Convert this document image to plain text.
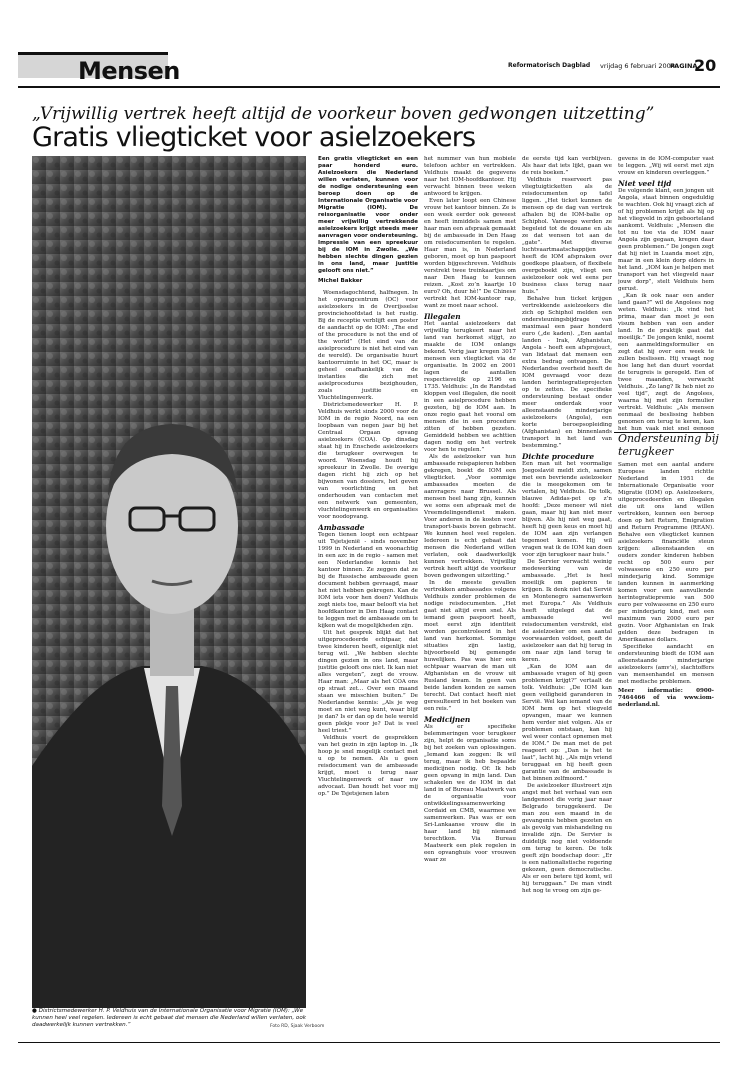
Mensen	Reformatorisch Dagblad vrijdag 6 februari 2004
PAGINA
20
„Vrijwillig vertrek heeft altijd de voorkeur boven gedwongen uitzetting”
Gratis vliegticket voor asielzoekers
● Districtsmedewerker H. P. Veldhuis van de Internationale Organisatie voor Migratie (IOM): „We kunnen heel veel regelen. Iedereen is echt gebaat dat mensen die Nederland willen verlaten, ook daadwerkelijk kunnen vertrekken.”	Foto RD, Sjaak Verboom

Een gratis vliegticket en een paar honderd euro. Asielzoekers die Nederland willen verlaten, kunnen voor de nodige ondersteuning een beroep doen op de Internationale Organisatie voor Migratie (IOM). De reisorganisatie voor onder meer vrijwillig vertrekkende asielzoekers krijgt steeds meer aanvragen voor ondersteuning. Impressie van een spreekuur bij de IOM in Zwolle. „We hebben slechte dingen gezien in ons land, maar justitie gelooft ons niet.”

Michel Bakker

Woensdagochtend, halfnegen. In het opvangcentrum (OC) voor asielzoekers in de Overijsselse provinciehoofdstad is het rustig. Bij de receptie verblijft een poster de aandacht op de IOM: „The end of the procedure is not the end of the world” (Het eind van de asielprocedure is niet het eind van de wereld). De organisatie huurt kantoorruimte in het OC, maar is geheel onafhankelijk van de instanties die zich met asielprocedures bezighouden, zoals justitie en Vluchtelingenwerk.

Districtsmedewerker H. P. Veldhuis werkt sinds 2000 voor de IOM in de regio Noord, na een loopbaan van negen jaar bij het Centraal Orgaan opvang asielzoekers (COA). Op dinsdag staat hij in Enschede asielzoekers die terugkeer overwegen te woord. Woensdag houdt hij spreekuur in Zwolle. De overige dagen richt hij zich op het bijwonen van dossiers, het geven van voorlichting en het onderhouden van contacten met een netwerk van gemeenten, vluchtelingenwerk en organisaties voor noodopvang.

Ambassade

Tegen tienen loopt een echtpaar uit Tsjetsjenië - sinds november 1999 in Nederland en woonachtig in een azc in de regio - samen met een Nederlandse kennis het kantoor binnen. Ze zeggen dat ze bij de Russische ambassade geen document hebben gevraagd, maar het niet hebben gekregen. Kan de IOM iets voor hen doen? Veldhuis zegt niets toe, maar belooft via het hoofdkantoor in Den Haag contact te leggen met de ambassade om te kijken wat de mogelijkheden zijn.

Uit het gesprek blijkt dat het uitgeprocedeerde echtpaar, dat twee kinderen heeft, eigenlijk niet terug wil. „We hebben slechte dingen gezien in ons land, maar justitie gelooft ons niet. Ik kan niet alles vergeten”, zegt de vrouw. Haar man: „Maar als het COA ons op straat zet... Over een maand staan we misschien buiten.” De Nederlandse kennis: „Als je weg moet en niet weg kunt, waar blijf je dan? Is er dan op de hele wereld geen plekje voor je? Dat is veel heel triest.”

Veldhuis voert de gesprekken van het gezin in zijn laptop in. „Ik hoop je snel mogelijk contact met u op te nemen. Als u geen reisdocument van de ambassade krijgt, moet u terug naar Vluchtelingenwerk of naar uw advocaat. Dan houdt het voor mij op.” De Tsjetsjenen laten

het nummer van hun mobiele telefoon achter en vertrekken. Veldhuis maakt de gegevens naar het IOM-hoofdkantoor. Hij verwacht binnen twee weken antwoord te krijgen.

Even later loopt een Chinese vrouw het kantoor binnen. Ze is een week eerder ook geweest en heeft inmiddels samen met haar man een afspraak gemaakt bij de ambassade in Den Haag om reisdocumenten te regelen. Haar man is, in Nederland geboren, moet op hun paspoort worden bijgeschreven. Veldhuis verstrekt twee treinkaartjes om naar Den Haag te kunnen reizen. „Kost zo’n kaartje 10 euro? Oh, duur hè!” De Chinese vertrekt het IOM-kantoor rap, want ze moet naar school.

Illegalen

Het aantal asielzoekers dat vrijwillig terugkeert naar het land van herkomst stijgt, zo maakte de IOM onlangs bekend. Vorig jaar kregen 3017 mensen een vliegticket via de organisatie. In 2002 en 2001 lagen de aantallen respectievelijk op 2196 en 1735. Veldhuis: „In de Randstad kloppen veel illegalen, die nooit in een asielprocedure hebben gezeten, bij de IOM aan. In onze regio gaat het vooral om mensen die in een procedure zitten of hebben gezeten. Gemiddeld hebben we achttien dagen nodig om het vertrek voor hen te regelen.”

Als de asielzoeker van hun ambassade reispapieren hebben gekregen, boekt de IOM een vliegticket. „Voor sommige ambassades moeten de aanvragers naar Brussel. Als mensen heel hang zijn, kunnen we soms een afspraak met de Vreemdelingendienst maken. Voor anderen in de kosten voor transport-basis boven gebracht. We kunnen heel veel regelen. Iedereen is echt gebaat dat mensen die Nederland willen verlaten, ook daadwerkelijk kunnen vertrekken. Vrijwillig vertrek heeft altijd de voorkeur boven gedwongen uitzetting.”

In de meeste gevallen vertrekken ambassades volgens Veldhuis zonder problemen de nodige reisdocumenten. „Het gaat niet altijd even snel. Als iemand geen paspoort heeft, moet eerst zijn identiteit worden gecontroleerd in het land van herkomst. Sommige situaties zijn lastig, bijvoorbeeld bij gemengde huwelijken. Pas was hier een echtpaar waarvan de man uit Afghanistan en de vrouw uit Rusland kwam. In geen van beide landen konden ze samen terecht. Dat contact heeft niet geresulteerd in het boeken van een reis.”

Medicijnen

Als er specifieke belemmeringen voor terugkeer zijn, helpt de organisatie soms bij het zoeken van oplossingen. „Iemand kan zeggen: Ik wil terug, maar ik heb bepaalde medicijnen nodig. Of: Ik heb geen opvang in mijn land. Dan schakelen we de IOM in dat land in of Bureau Maatwerk van de organisatie voor ontwikkelingssamenwerking Cordaid en CMB, waarmee we samenwerken. Pas was er een Sri-Lankaanse vrouw die in haar land bij niemand terechtkon. Via Bureau Maatwerk een plek regelen in een opvanghuis voor vrouwen waar ze

de eerste tijd kan verblijven. Als haar dat iets lijkt, gaan we de reis boeken.”

Veldhuis reserveert pas vliegtuigticketten als de reisdocumenten op tafel liggen. „Het ticket kunnen de mensen op de dag van vertrek afhalen bij de IOM-balie op Schiphol. Vanwege werden ze begeleid tot de douane en als ze dat wensen tot aan de „gate”. Met diverse luchtvaartmaatschappijen heeft de IOM afspraken over goedkope plaatsen, of flexibele overgeboekt zijn, vliegt een asielzoeker ook wel eens per business class terug naar huis.”

Behalve hun ticket krijgen vertrekkende asielzoekers die zich op Schiphol melden een ondersteuningsbijdrage van maximaal een paar honderd euro („de kaden). „Een aantal landen - Irak, Afghanistan, Angola - heeft een afsprojouct, van lidstaat dat mensen een extra bedrag ontvangen. De Nederlandse overheid heeft de IOM gevraagd voor deze landen herintegratieprojecten op te zetten. De specifieke ondersteuning bestaat onder meer onderdak voor alleenstaande minderjarige asielzoekers (Angola), een korte beroepsopleiding (Afghanistan) en binnenlands transport in het land van bestemming.”

Dichte procedure

Een man uit het voormalige Joegoslavië meldt zich, samen met een bevriende asielzoeker die is meegekomen om te vertalen, bij Veldhuis. De tolk, blauwe Adidas-pet op z’n hoofd: „Deze meneer wil niet gaan, maar hij kan niet meer blijven. Als hij niet weg gaat, heeft hij geen keus en moet hij de IOM aan zijn verlangen tegemoet komen. Hij wil vragen wat ik de IOM kan doen voor zijn terugkeer naar huis.”

De Servier verwacht weinig medewerking van de ambassade. „Het is heel moeilijk om papieren te krijgen. Ik denk niet dat Servië en Montenegro samenwerken met Europa.” Als Veldhuis heeft uitgelegd dat de ambassade wel reisdocumenten verstrekt, eist de asielzoeker om een aantal voorwaarden voldoet, geeft de asielzoeker aan dat hij terug in om naar zijn land terug te keren.

„Kan de IOM aan de ambassade vragen of hij geen problemen krijgt?” vertaalt de tolk. Veldhuis: „De IOM kan geen veiligheid garanderen in Servië. Wel kan iemand van de IOM hem op het vliegveld opvangen, maar we kunnen hem verder niet volgen. Als er problemen ontstaan, kan hij wel weer contact opnemen met de IOM.” De man met de pet reageert op: „Dan is het te laat”, lacht hij. „Als mijn vriend teruggaat en hij heeft geen garantie van de ambassade is het binnen zelfmoord.”

De asielzoeker illustreert zijn angst met het verhaal van een landgenoot die vorig jaar naar Belgrado teruggekeerd. De man zou een maand in de gevangenis hebben gezeten en als gevolg van mishandeling nu invalide zijn. De Servier is duidelijk nog niet voldoende om terug te keren. De tolk geeft zijn boodschap door: „Er is een nationalistische regering gekozen, geen democratische. Als er een betere tijd komt, wil hij teruggaan.” De man vindt het nog te vroeg om zijn ge-

gevens in de IOM-computer vast te leggen. „Wij wil eerst met zijn vrouw en kinderen overleggen.”

Niet veel tijd

De volgende klant, een jongen uit Angola, staat binnen ongeduldig te wachten. Ook hij vraagt zich af of hij problemen krijgt als hij op het vliegveld in zijn geboorteland aankomt. Veldhuis: „Mensen die tot nu toe via de IOM naar Angola zijn gegaan, kregen daar geen problemen.” De jongen zegt dat hij niet in Luanda moet zijn, maar in een klein dorp elders in het land. „IOM kan je helpen met transport van het vliegveld naar jouw dorp”, stelt Veldhuis hem gerust.

„Kan ik ook naar een ander land gaan?” wil de Angolees nog weten. Veldhuis: „Ik vind het prima, maar dan moet je een visum hebben van een ander land. In de praktijk gaat dat moeilijk.” De jongen knikt, noemt een aanmeldingsformulier en zegt dat hij over een week te zullen beslissen. Hij vraagt nog hoe lang het dan duurt voordat de terugreis is geregeld. Een of twee maanden, verwacht Veldhuis. „Zo lang? Ik heb niet zo veel tijd”, zegt de Angolees, waarna hij met zijn formulier vertrekt. Veldhuis: „Als mensen eenmaal de beslissing hebben genomen om terug te keren, kan het hun vaak niet snel genoeg

Ondersteuning bij terugkeer

Samen met een aantal andere Europese landen richtte Nederland in 1951 de Internationale Organisatie voor Migratie (IOM) op. Asielzoekers, uitgeprocedeerden en illegalen die uit ons land willen vertrekken, kunnen een beroep doen op het Return, Emigration and Return Programme (REAN). Behalve een vliegticket kunnen asielzoekers financiële steun krijgen: alleenstaanden en ouders zonder kinderen hebben recht op 500 euro per volwassene en 250 euro per minderjarig kind. Sommige landen kunnen in aanmerking komen voor een aanvullende herintegratiepremie van 500 euro per volwassene en 250 euro per minderjarig kind, met een maximum van 2000 euro per gezin. Voor Afghanistan en Irak gelden deze bedragen in Amerikaanse dollars.

Specifieke aandacht en ondersteuning biedt de IOM aan alleenstaande minderjarige asielzoekers (amv’s), slachtoffers van mensenhandel en mensen met medische problemen.

Meer informatie: 0900-7464466 of via www.iom-nederland.nl.
